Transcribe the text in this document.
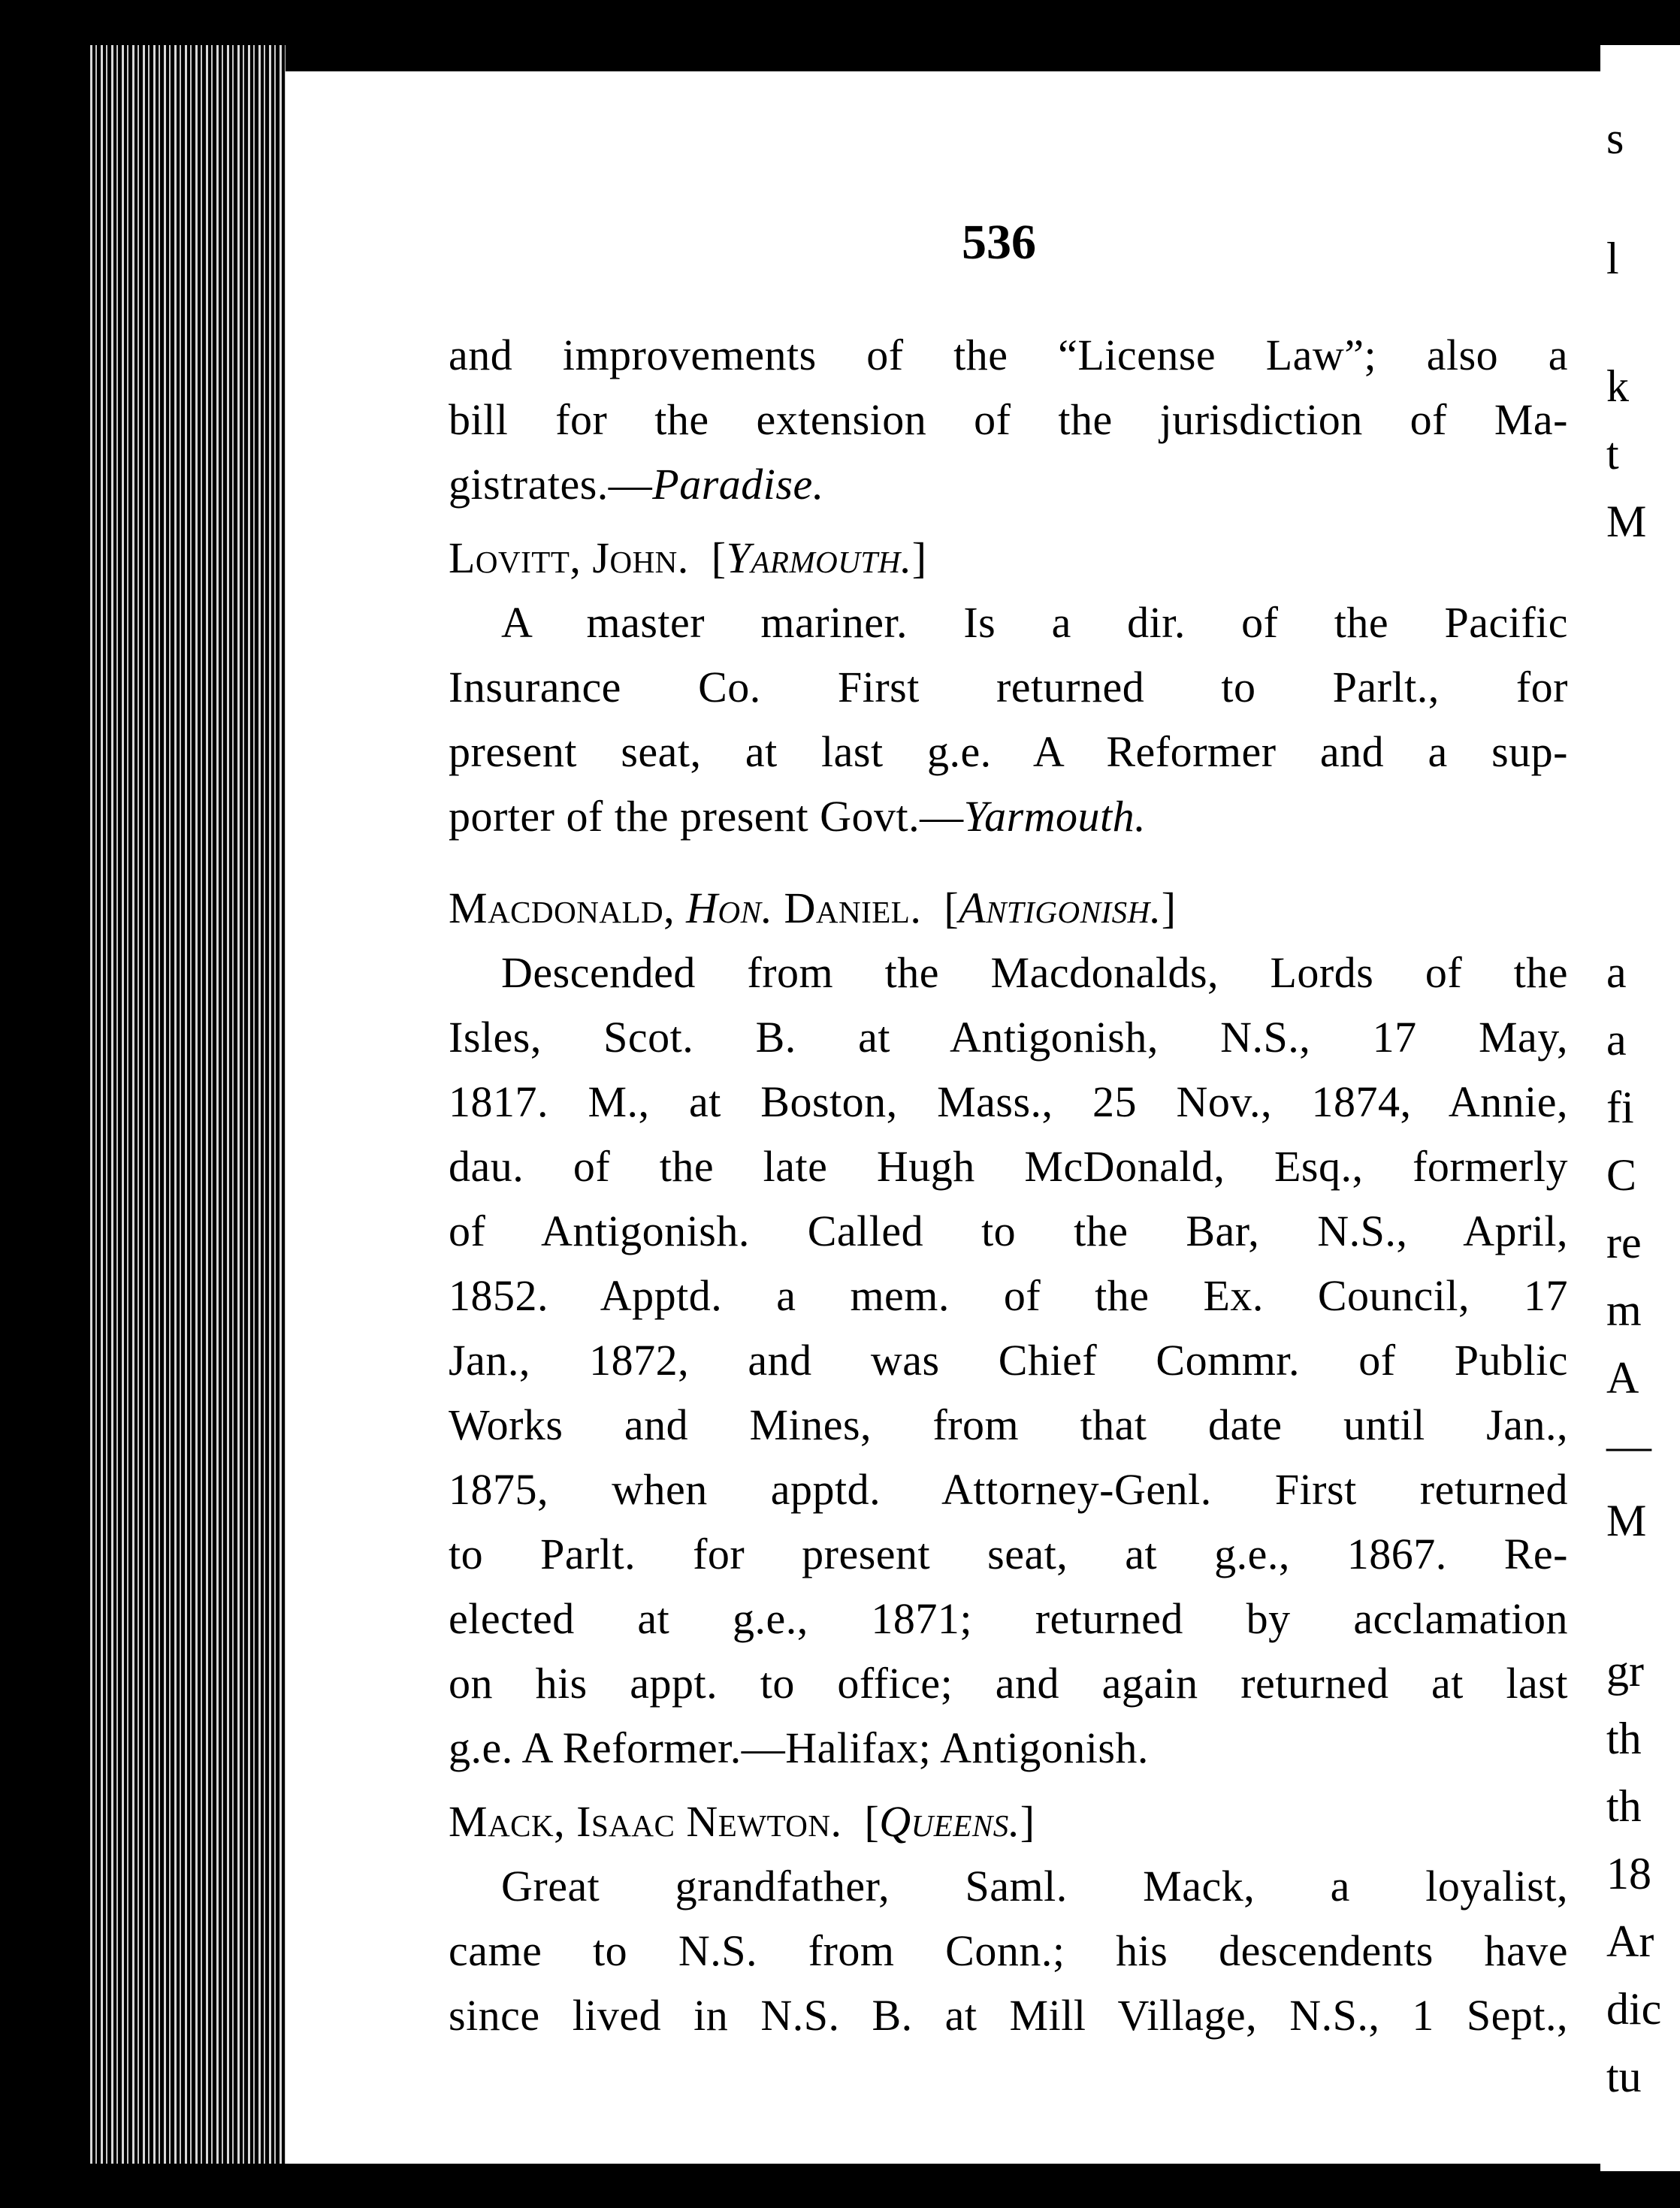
s
l
k
t
M
a
a
fi
C
re
m
A
—
M
gr
th
th
18
Ar
dic
tu
536
and improvements of the “License Law”; also a
bill for the extension of the jurisdiction of Ma-
gistrates.—Paradise.
Lovitt, John. [Yarmouth.]
A master mariner. Is a dir. of the Pacific
Insurance Co. First returned to Parlt., for
present seat, at last g.e. A Reformer and a sup-
porter of the present Govt.—Yarmouth.
Macdonald, Hon. Daniel. [Antigonish.]
Descended from the Macdonalds, Lords of the
Isles, Scot. B. at Antigonish, N.S., 17 May,
1817. M., at Boston, Mass., 25 Nov., 1874, Annie,
dau. of the late Hugh McDonald, Esq., formerly
of Antigonish. Called to the Bar, N.S., April,
1852. Apptd. a mem. of the Ex. Council, 17
Jan., 1872, and was Chief Commr. of Public
Works and Mines, from that date until Jan.,
1875, when apptd. Attorney-Genl. First returned
to Parlt. for present seat, at g.e., 1867. Re-
elected at g.e., 1871; returned by acclamation
on his appt. to office; and again returned at last
g.e. A Reformer.—Halifax; Antigonish.
Mack, Isaac Newton. [Queens.]
Great grandfather, Saml. Mack, a loyalist,
came to N.S. from Conn.; his descendents have
since lived in N.S. B. at Mill Village, N.S., 1 Sept.,
